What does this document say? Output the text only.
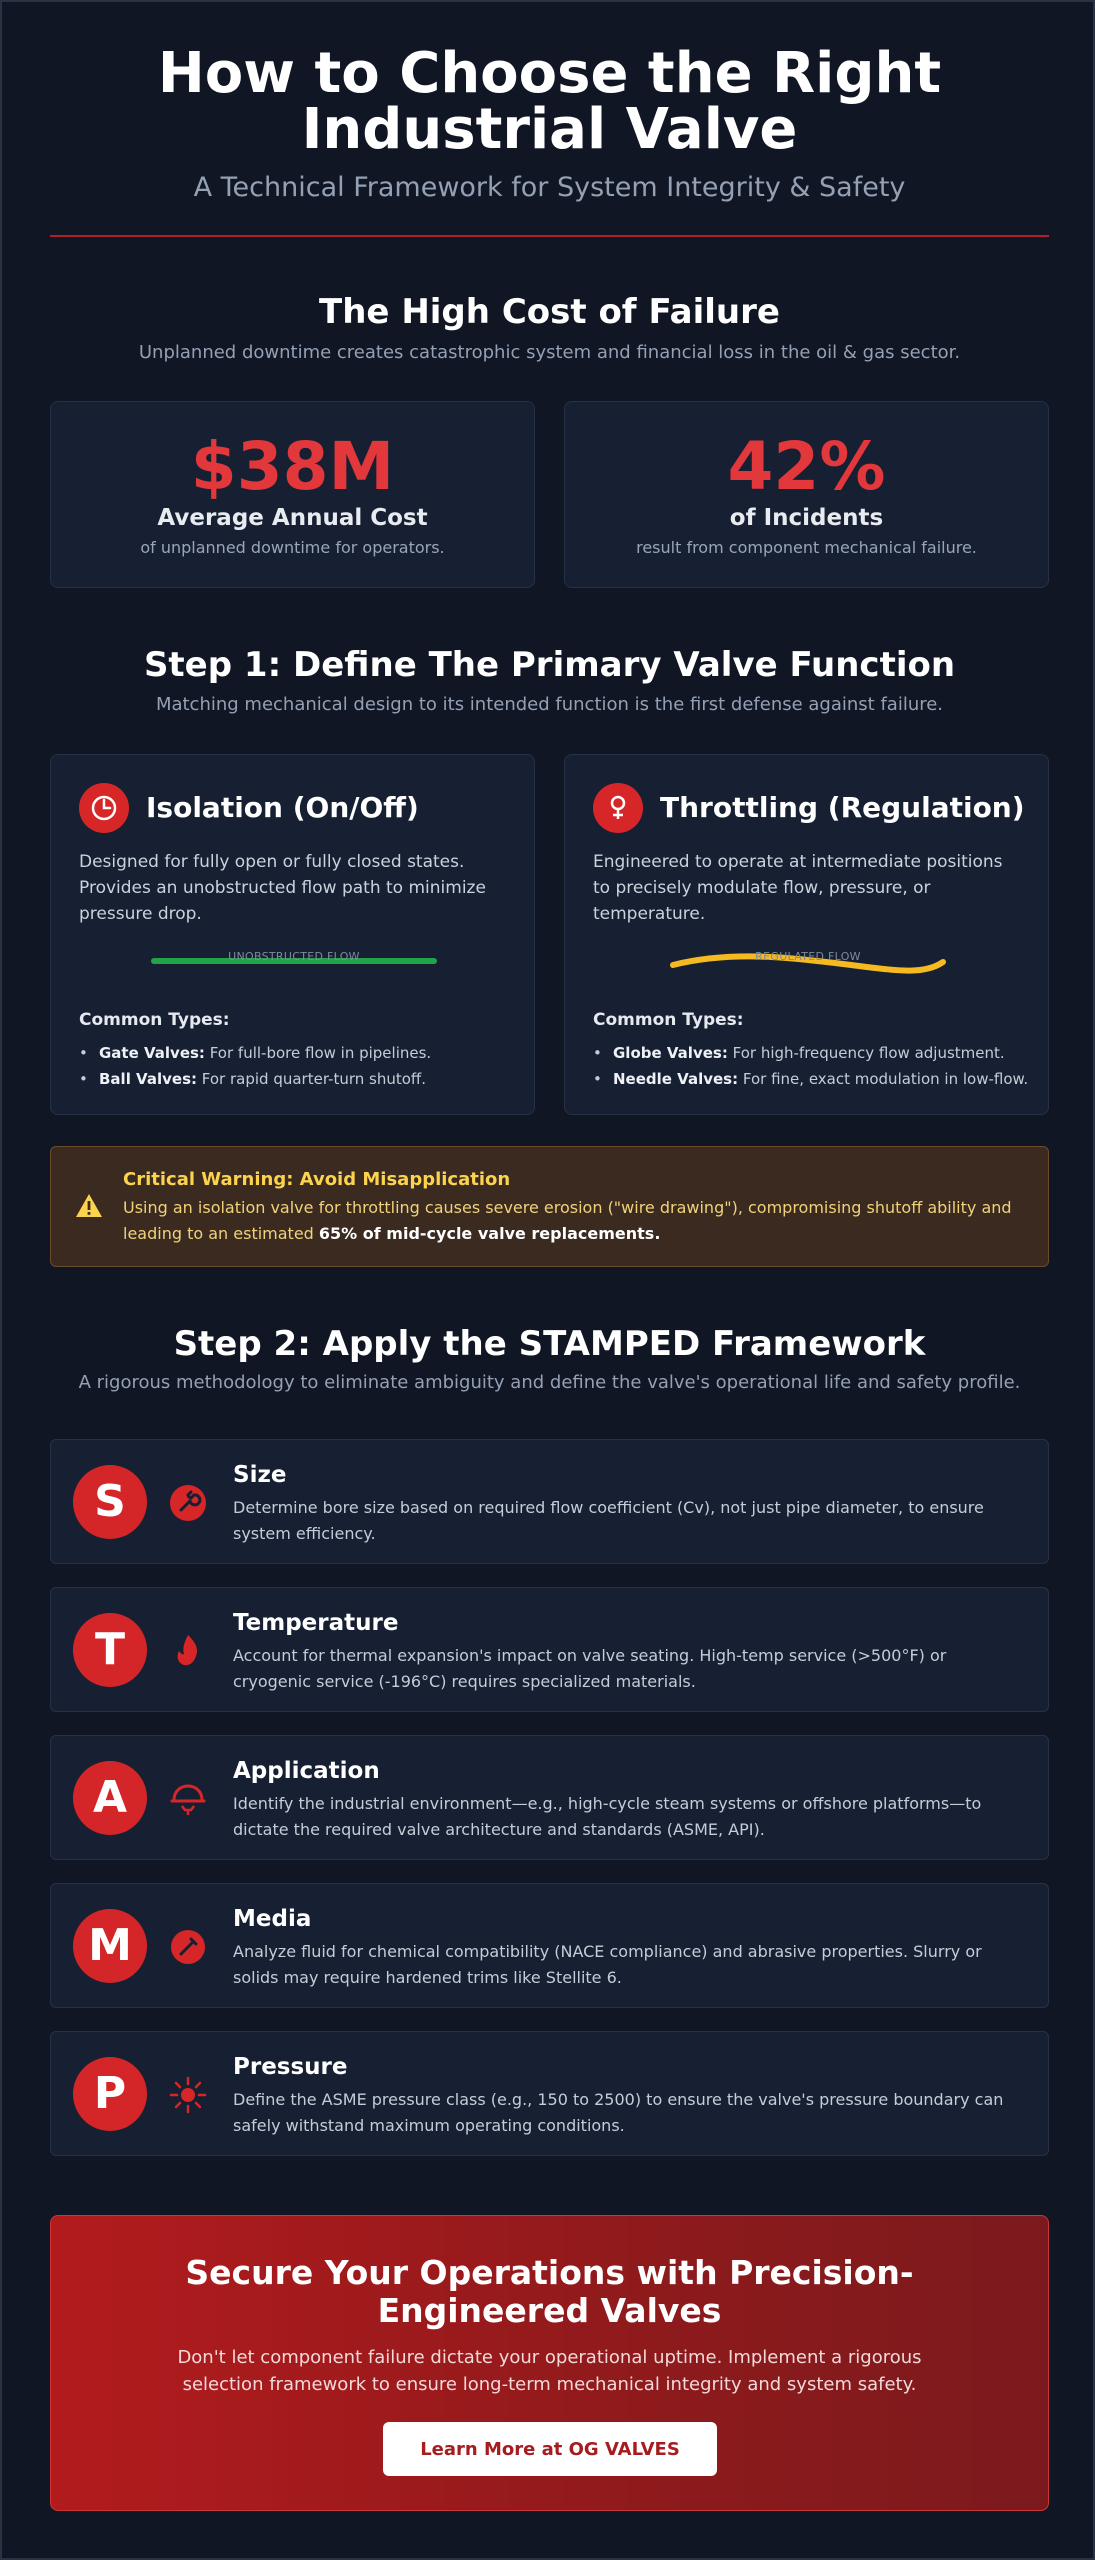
How to Choose the Right Industrial Valve
A Technical Framework for System Integrity & Safety
The High Cost of Failure
Unplanned downtime creates catastrophic system and financial loss in the oil & gas sector.
$38M
Average Annual Cost
of unplanned downtime for operators.
42%
of Incidents
result from component mechanical failure.
Step 1: Define The Primary Valve Function
Matching mechanical design to its intended function is the first defense against failure.
Isolation (On/Off)
Designed for fully open or fully closed states. Provides an unobstructed flow path to minimize pressure drop.
UNOBSTRUCTED FLOW
Common Types:
• Gate Valves: For full-bore flow in pipelines.
• Ball Valves: For rapid quarter-turn shutoff.
Throttling (Regulation)
Engineered to operate at intermediate positions to precisely modulate flow, pressure, or temperature.
REGULATED FLOW
Common Types:
• Globe Valves: For high-frequency flow adjustment.
• Needle Valves: For fine, exact modulation in low-flow.
Critical Warning: Avoid Misapplication
Using an isolation valve for throttling causes severe erosion ("wire drawing"), compromising shutoff ability and leading to an estimated 65% of mid-cycle valve replacements.
Step 2: Apply the STAMPED Framework
A rigorous methodology to eliminate ambiguity and define the valve's operational life and safety profile.
S
Size
Determine bore size based on required flow coefficient (Cv), not just pipe diameter, to ensure system efficiency.
T
Temperature
Account for thermal expansion's impact on valve seating. High-temp service (>500°F) or cryogenic service (-196°C) requires specialized materials.
A
Application
Identify the industrial environment—e.g., high-cycle steam systems or offshore platforms—to dictate the required valve architecture and standards (ASME, API).
M
Media
Analyze fluid for chemical compatibility (NACE compliance) and abrasive properties. Slurry or solids may require hardened trims like Stellite 6.
P
Pressure
Define the ASME pressure class (e.g., 150 to 2500) to ensure the valve's pressure boundary can safely withstand maximum operating conditions.
Secure Your Operations with Precision-Engineered Valves
Don't let component failure dictate your operational uptime. Implement a rigorous selection framework to ensure long-term mechanical integrity and system safety.
Learn More at OG VALVES
